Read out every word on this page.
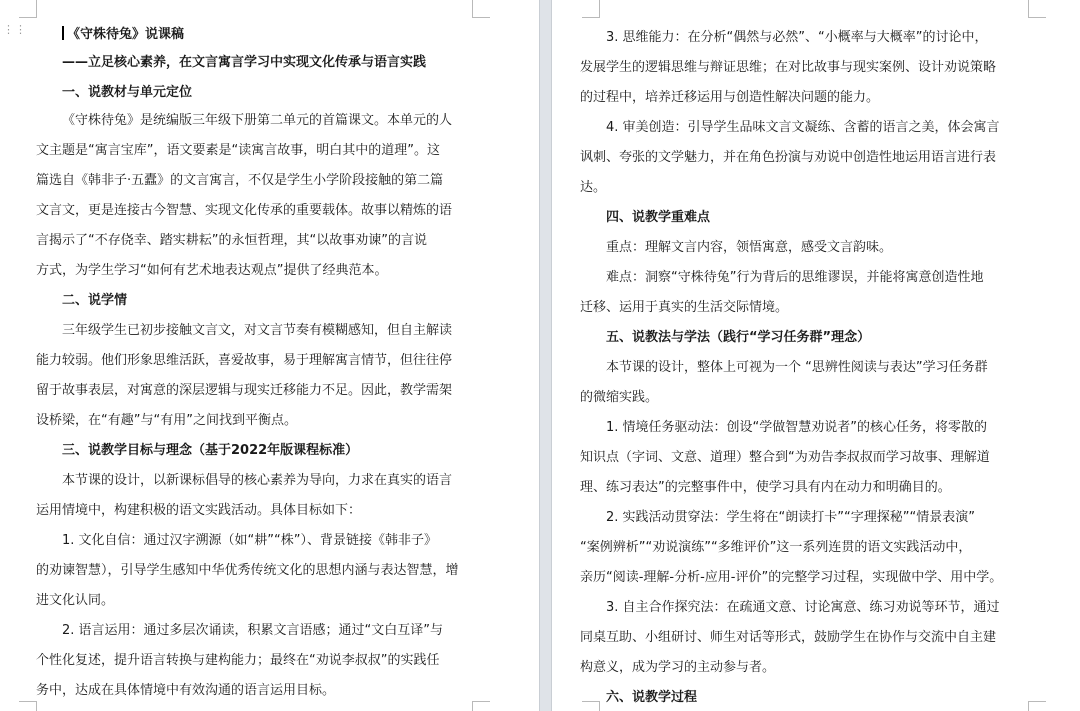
⋮⋮	《守株待兔》说课稿

——立足核心素养，在文言寓言学习中实现文化传承与语言实践

一、说教材与单元定位

《守株待兔》是统编版三年级下册第二单元的首篇课文。本单元的人

文主题是“寓言宝库”，语文要素是“读寓言故事，明白其中的道理”。这

篇选自《韩非子·五蠹》的文言寓言，不仅是学生小学阶段接触的第二篇

文言文，更是连接古今智慧、实现文化传承的重要载体。故事以精炼的语

言揭示了“不存侥幸、踏实耕耘”的永恒哲理，其“以故事劝谏”的言说

方式，为学生学习“如何有艺术地表达观点”提供了经典范本。

二、说学情

三年级学生已初步接触文言文，对文言节奏有模糊感知，但自主解读

能力较弱。他们形象思维活跃，喜爱故事，易于理解寓言情节，但往往停

留于故事表层，对寓意的深层逻辑与现实迁移能力不足。因此，教学需架

设桥梁，在“有趣”与“有用”之间找到平衡点。

三、说教学目标与理念（基于2022年版课程标准）

本节课的设计，以新课标倡导的核心素养为导向，力求在真实的语言

运用情境中，构建积极的语文实践活动。具体目标如下：

1. 文化自信：通过汉字溯源（如“耕”“株”）、背景链接《韩非子》

的劝谏智慧），引导学生感知中华优秀传统文化的思想内涵与表达智慧，增

进文化认同。

2. 语言运用：通过多层次诵读，积累文言语感；通过“文白互译”与

个性化复述，提升语言转换与建构能力；最终在“劝说李叔叔”的实践任

务中，达成在具体情境中有效沟通的语言运用目标。

3. 思维能力：在分析“偶然与必然”、“小概率与大概率”的讨论中，

发展学生的逻辑思维与辩证思维；在对比故事与现实案例、设计劝说策略

的过程中，培养迁移运用与创造性解决问题的能力。

4. 审美创造：引导学生品味文言文凝练、含蓄的语言之美，体会寓言

讽刺、夸张的文学魅力，并在角色扮演与劝说中创造性地运用语言进行表

达。

四、说教学重难点

重点：理解文言内容，领悟寓意，感受文言韵味。

难点：洞察“守株待兔”行为背后的思维谬误，并能将寓意创造性地

迁移、运用于真实的生活交际情境。

五、说教法与学法（践行“学习任务群”理念）

本节课的设计，整体上可视为一个 “思辨性阅读与表达”学习任务群

的微缩实践。

1. 情境任务驱动法：创设“学做智慧劝说者”的核心任务，将零散的

知识点（字词、文意、道理）整合到“为劝告李叔叔而学习故事、理解道

理、练习表达”的完整事件中，使学习具有内在动力和明确目的。

2. 实践活动贯穿法：学生将在“朗读打卡”“字理探秘”“情景表演”

“案例辨析”“劝说演练”“多维评价”这一系列连贯的语文实践活动中，

亲历“阅读-理解-分析-应用-评价”的完整学习过程，实现做中学、用中学。

3. 自主合作探究法：在疏通文意、讨论寓意、练习劝说等环节，通过

同桌互助、小组研讨、师生对话等形式，鼓励学生在协作与交流中自主建

构意义，成为学习的主动参与者。

六、说教学过程
